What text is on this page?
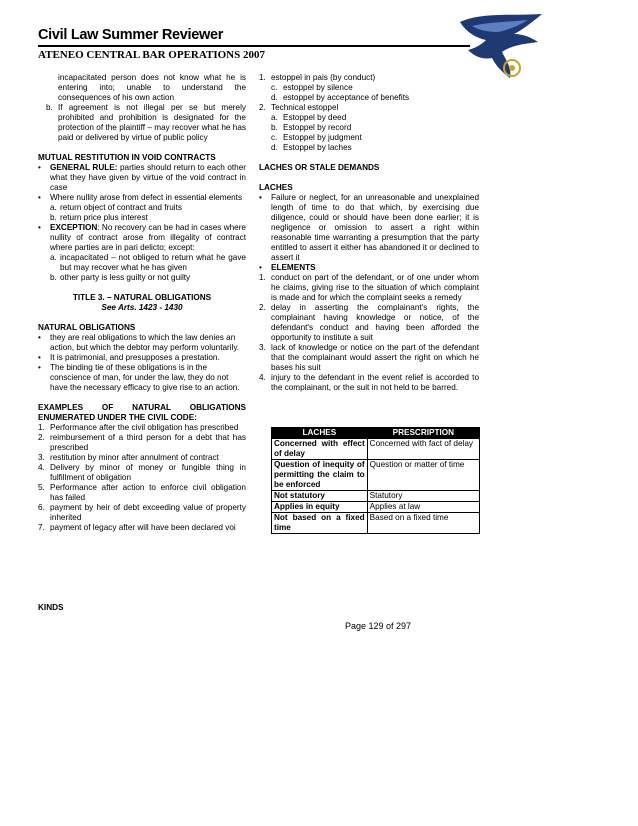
Civil Law Summer Reviewer
ATENEO CENTRAL BAR OPERATIONS 2007
incapacitated person does not know what he is entering into; unable to understand the consequences of his own action
b. If agreement is not illegal per se but merely prohibited and prohibition is designated for the protection of the plaintiff – may recover what he has paid or delivered by virtue of public policy

MUTUAL RESTITUTION IN VOID CONTRACTS

•	GENERAL RULE: parties should return to each other what they have given by virtue of the void contract in case
•	Where nullity arose from defect in essential elements
a. return object of contract and fruits
b. return price plus interest
•	EXCEPTION: No recovery can be had in cases where nullity of contract arose from illegality of contract where parties are in pari delicto; except:
a. incapacitated – not obliged to return what he gave but may recover what he has given
b. other party is less guilty or not guilty

TITLE 3. – NATURAL OBLIGATIONS

See Arts. 1423 - 1430

NATURAL OBLIGATIONS

•	they are real obligations to which the law denies an action, but which the debtor may perform voluntarily.
•	It is patrimonial, and presupposes a prestation.
•	The binding tie of these obligations is in the conscience of man, for under the law, they do not have the necessary efficacy to give rise to an action.

EXAMPLES OF NATURAL OBLIGATIONS ENUMERATED UNDER THE CIVIL CODE:

1. Performance after the civil obligation has prescribed
2. reimbursement of a third person for a debt that has prescribed
3. restitution by minor after annulment of contract
4. Delivery by minor of money or fungible thing in fulfillment of obligation
5. Performance after action to enforce civil obligation has failed
6. payment by heir of debt exceeding value of property inherited
7. payment of legacy after will have been declared voi
1. estoppel in pais (by conduct)
c. estoppel by silence
d. estoppel by acceptance of benefits
2. Technical estoppel
a. Estoppel by deed
b. Estoppel by record
c. Estoppel by judgment
d. Estoppel by laches

LACHES OR STALE DEMANDS

LACHES

•	Failure or neglect, for an unreasonable and unexplained length of time to do that which, by exercising due diligence, could or should have been done earlier; it is negligence or omission to assert a right within reasonable time warranting a presumption that the party entitled to assert it either has abandoned it or declined to assert it
•	ELEMENTS
1. conduct on part of the defendant, or of one under whom he claims, giving rise to the situation of which complaint is made and for which the complaint seeks a remedy
2. delay in asserting the complainant's rights, the complainant having knowledge or notice, of the defendant's conduct and having been afforded the opportunity to institute a suit
3. lack of knowledge or notice on the part of the defendant that the complainant would assert the right on which he bases his suit
4. injury to the defendant in the event relief is accorded to the complainant, or the suit in not held to be barred.
LACHES	PRESCRIPTION
Concerned with effect of delay	Concerned with fact of delay
Question of inequity of permitting the claim to be enforced	Question or matter of time
Not statutory	Statutory
Applies in equity	Applies at law
Not based on a fixed time	Based on a fixed time
KINDS
Page 129 of 297
